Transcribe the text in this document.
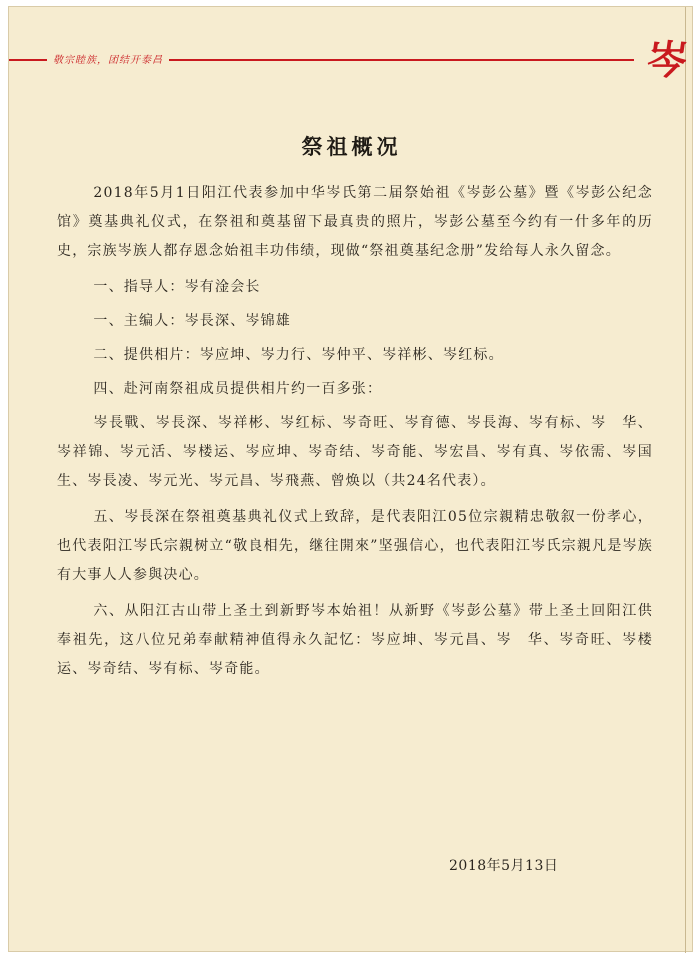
敬宗睦族，团结开泰昌	岑
祭祖概况

2018年5月1日阳江代表参加中华岑氏第二届祭始祖《岑彭公墓》暨《岑彭公纪念馆》奠基典礼仪式，在祭祖和奠基留下最真贵的照片，岑彭公墓至今约有一什多年的历史，宗族岑族人都存恩念始祖丰功伟绩，现做“祭祖奠基纪念册”发给每人永久留念。

一、指导人：岑有淦会长

一、主编人：岑長深、岑锦雄

二、提供相片：岑应坤、岑力行、岑仲平、岑祥彬、岑红标。

四、赴河南祭祖成员提供相片约一百多张：

岑長戰、岑長深、岑祥彬、岑红标、岑奇旺、岑育德、岑長海、岑有标、岑　华、岑祥锦、岑元活、岑楼运、岑应坤、岑奇结、岑奇能、岑宏昌、岑有真、岑依需、岑国生、岑長凌、岑元光、岑元昌、岑飛燕、曾焕以（共24名代表）。

五、岑長深在祭祖奠基典礼仪式上致辞，是代表阳江05位宗親精忠敬叙一份孝心，也代表阳江岑氏宗親树立“敬良相先，继往開來”坚强信心，也代表阳江岑氏宗親凡是岑族有大事人人参與决心。

六、从阳江古山带上圣土到新野岑本始祖！从新野《岑彭公墓》带上圣土回阳江供奉祖先，这八位兄弟奉献精神值得永久記忆：岑应坤、岑元昌、岑　华、岑奇旺、岑楼运、岑奇结、岑有标、岑奇能。

2018年5月13日
